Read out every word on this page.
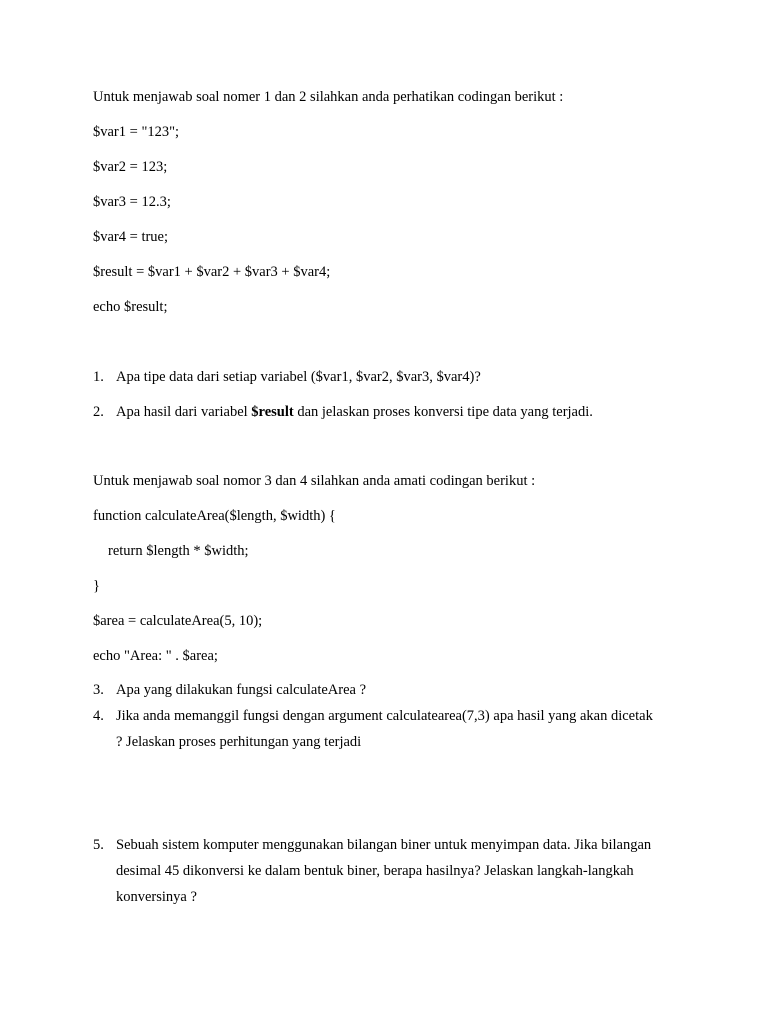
Untuk menjawab soal nomer 1 dan 2 silahkan anda perhatikan codingan berikut :
$var1 = "123";
$var2 = 123;
$var3 = 12.3;
$var4 = true;
$result = $var1 + $var2 + $var3 + $var4;
echo $result;
1. Apa tipe data dari setiap variabel ($var1, $var2, $var3, $var4)?
2. Apa hasil dari variabel $result dan jelaskan proses konversi tipe data yang terjadi.
Untuk menjawab soal nomor 3 dan 4 silahkan anda amati codingan berikut :
function calculateArea($length, $width) {
return $length * $width;
}
$area = calculateArea(5, 10);
echo "Area: " . $area;
3. Apa yang dilakukan fungsi calculateArea ?
4. Jika anda memanggil fungsi dengan argument calculatearea(7,3) apa hasil yang akan dicetak ? Jelaskan proses perhitungan yang terjadi
5. Sebuah sistem komputer menggunakan bilangan biner untuk menyimpan data. Jika bilangan desimal 45 dikonversi ke dalam bentuk biner, berapa hasilnya? Jelaskan langkah-langkah konversinya ?
